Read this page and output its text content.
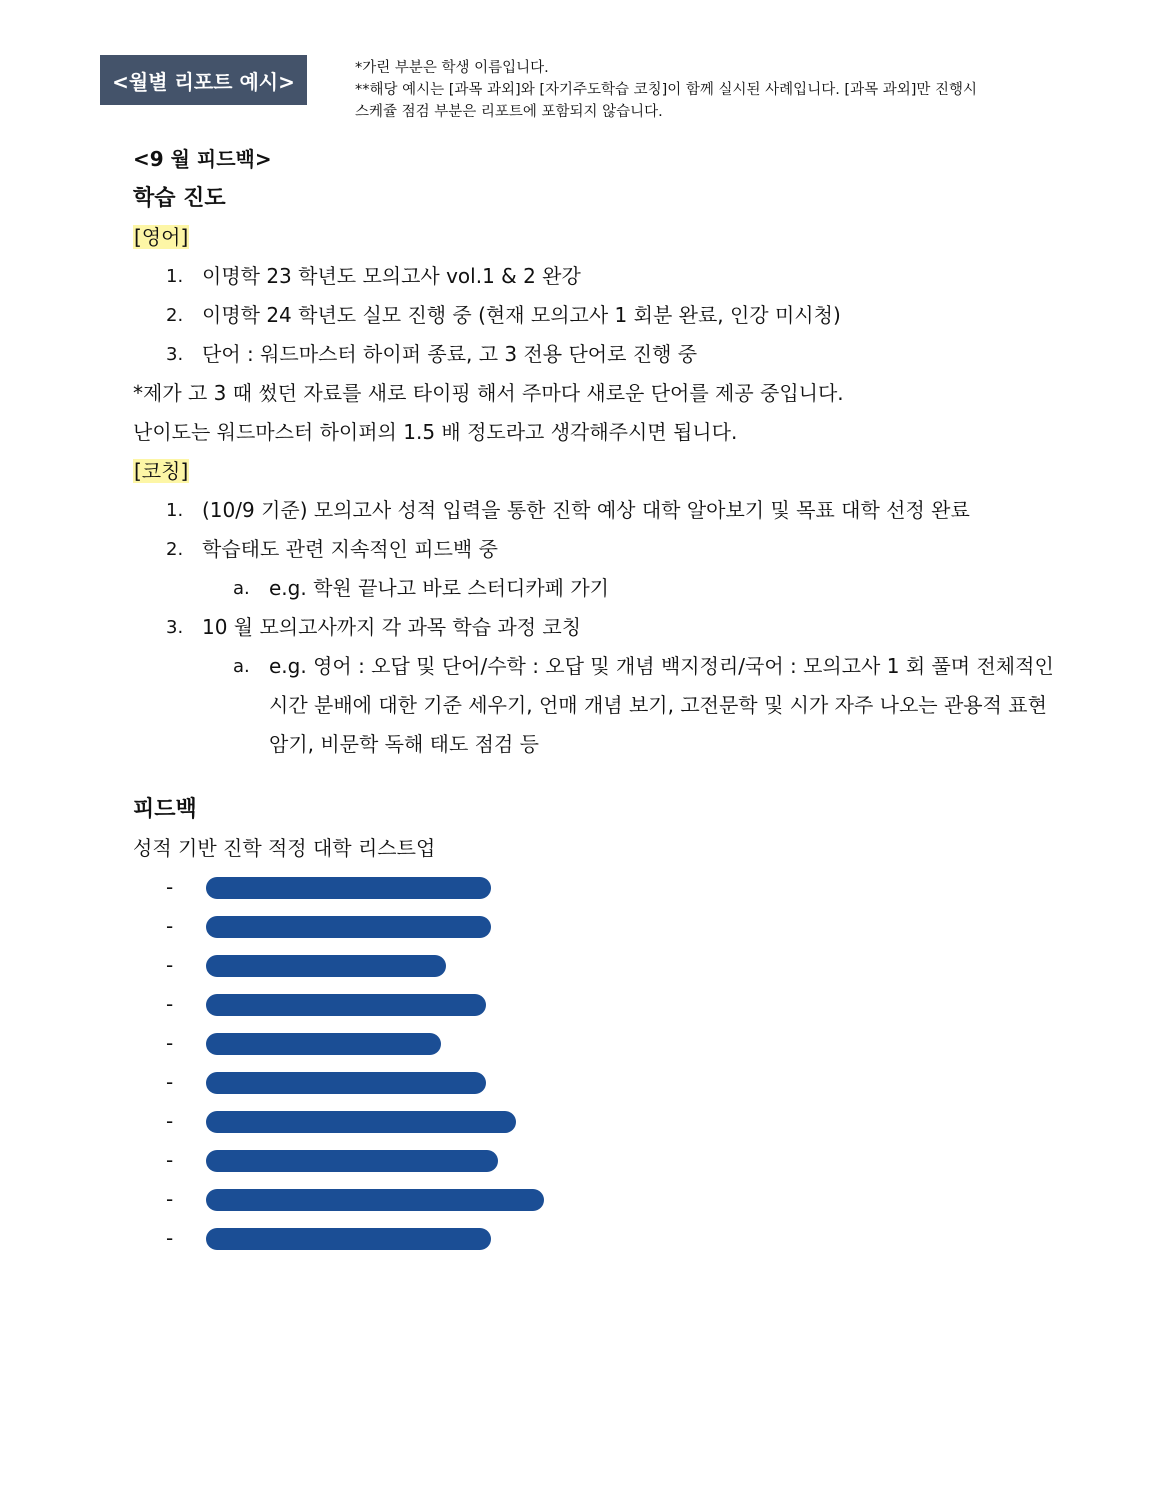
<월별 리포트 예시>
*가린 부분은 학생 이름입니다.
**해당 예시는 [과목 과외]와 [자기주도학습 코칭]이 함께 실시된 사례입니다. [과목 과외]만 진행시
스케쥴 점검 부분은 리포트에 포함되지 않습니다.
<9 월 피드백>
학습 진도
[영어]
1. 이명학 23 학년도 모의고사 vol.1 & 2 완강
2. 이명학 24 학년도 실모 진행 중 (현재 모의고사 1 회분 완료, 인강 미시청)
3. 단어 : 워드마스터 하이퍼 종료, 고 3 전용 단어로 진행 중
*제가 고 3 때 썼던 자료를 새로 타이핑 해서 주마다 새로운 단어를 제공 중입니다.
난이도는 워드마스터 하이퍼의 1.5 배 정도라고 생각해주시면 됩니다.
[코칭]
1. (10/9 기준) 모의고사 성적 입력을 통한 진학 예상 대학 알아보기 및 목표 대학 선정 완료
2. 학습태도 관련 지속적인 피드백 중
a. e.g. 학원 끝나고 바로 스터디카페 가기
3. 10 월 모의고사까지 각 과목 학습 과정 코칭
a. e.g. 영어 : 오답 및 단어/수학 : 오답 및 개념 백지정리/국어 : 모의고사 1 회 풀며 전체적인 시간 분배에 대한 기준 세우기, 언매 개념 보기, 고전문학 및 시가 자주 나오는 관용적 표현 암기, 비문학 독해 태도 점검 등
피드백
성적 기반 진학 적정 대학 리스트업
-
-
-
-
-
-
-
-
-
-
